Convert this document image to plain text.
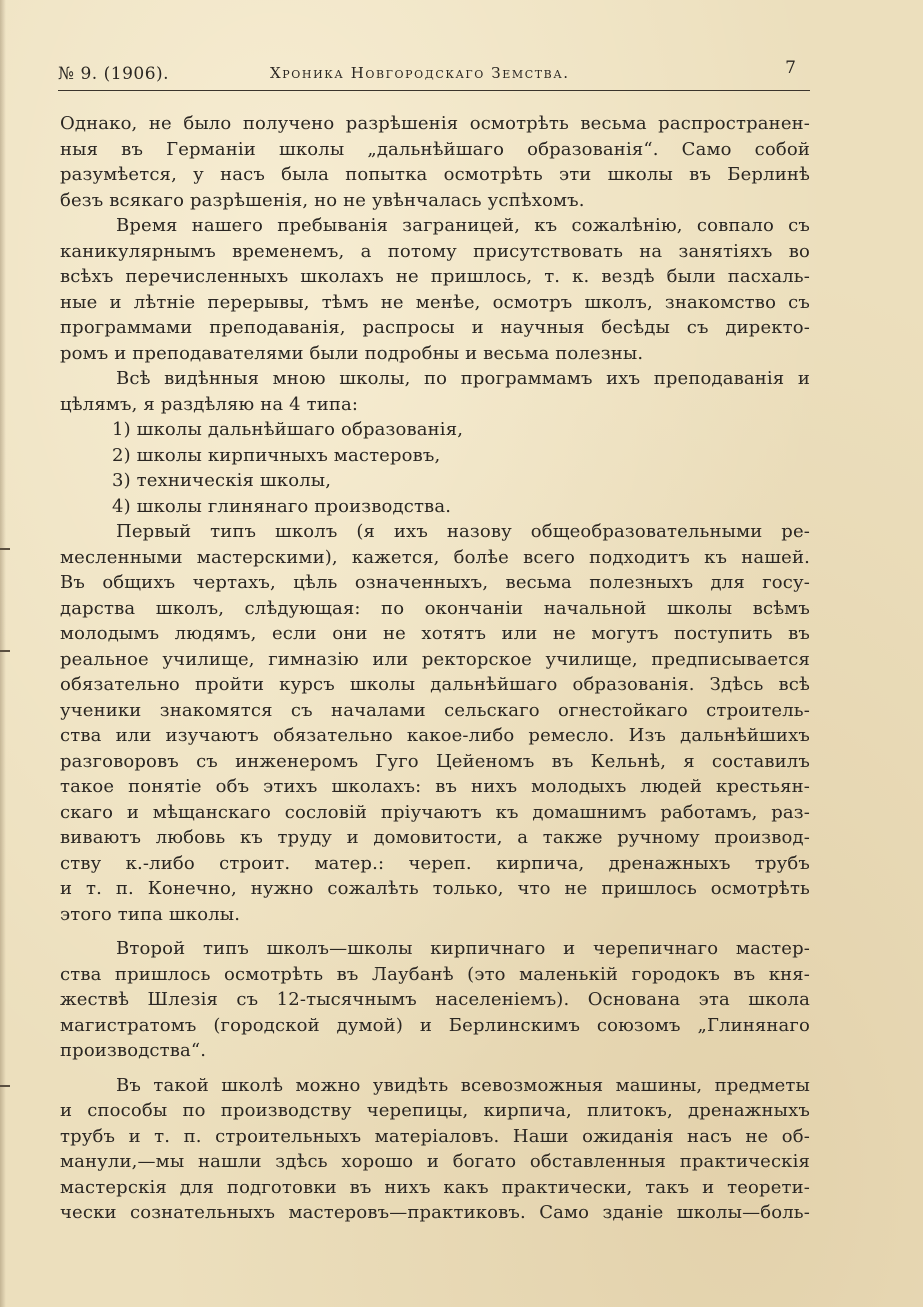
№ 9. (1906).	Хроника Новгородскаго Земства.	7
Однако, не было получено разрѣшенія осмотрѣть весьма распространен-
ныя въ Германіи школы „дальнѣйшаго образованія“. Само собой
разумѣется, у насъ была попытка осмотрѣть эти школы въ Берлинѣ
безъ всякаго разрѣшенія, но не увѣнчалась успѣхомъ.
Время нашего пребыванія заграницей, къ сожалѣнію, совпало съ
каникулярнымъ временемъ, а потому присутствовать на занятіяхъ во
всѣхъ перечисленныхъ школахъ не пришлось, т. к. вездѣ были пасхаль-
ные и лѣтніе перерывы, тѣмъ не менѣе, осмотръ школъ, знакомство съ
программами преподаванія, распросы и научныя бесѣды съ директо-
ромъ и преподавателями были подробны и весьма полезны.
Всѣ видѣнныя мною школы, по программамъ ихъ преподаванія и
цѣлямъ, я раздѣляю на 4 типа:
1) школы дальнѣйшаго образованія,
2) школы кирпичныхъ мастеровъ,
3) техническія школы,
4) школы глинянаго производства.
Первый типъ школъ (я ихъ назову общеобразовательными ре-
месленными мастерскими), кажется, болѣе всего подходитъ къ нашей.
Въ общихъ чертахъ, цѣль означенныхъ, весьма полезныхъ для госу-
дарства школъ, слѣдующая: по окончаніи начальной школы всѣмъ
молодымъ людямъ, если они не хотятъ или не могутъ поступить въ
реальное училище, гимназію или ректорское училище, предписывается
обязательно пройти курсъ школы дальнѣйшаго образованія. Здѣсь всѣ
ученики знакомятся съ началами сельскаго огнестойкаго строитель-
ства или изучаютъ обязательно какое-либо ремесло. Изъ дальнѣйшихъ
разговоровъ съ инженеромъ Гуго Цейеномъ въ Кельнѣ, я составилъ
такое понятіе объ этихъ школахъ: въ нихъ молодыхъ людей крестьян-
скаго и мѣщанскаго сословій пріучаютъ къ домашнимъ работамъ, раз-
виваютъ любовь къ труду и домовитости, а также ручному производ-
ству к.-либо строит. матер.: череп. кирпича, дренажныхъ трубъ
и т. п. Конечно, нужно сожалѣть только, что не пришлось осмотрѣть
этого типа школы.
Второй типъ школъ—школы кирпичнаго и черепичнаго мастер-
ства пришлось осмотрѣть въ Лаубанѣ (это маленькій городокъ въ кня-
жествѣ Шлезія съ 12-тысячнымъ населеніемъ). Основана эта школа
магистратомъ (городской думой) и Берлинскимъ союзомъ „Глинянаго
производства“.
Въ такой школѣ можно увидѣть всевозможныя машины, предметы
и способы по производству черепицы, кирпича, плитокъ, дренажныхъ
трубъ и т. п. строительныхъ матеріаловъ. Наши ожиданія насъ не об-
манули,—мы нашли здѣсь хорошо и богато обставленныя практическія
мастерскія для подготовки въ нихъ какъ практически, такъ и теорети-
чески сознательныхъ мастеровъ—практиковъ. Само зданіе школы—боль-
